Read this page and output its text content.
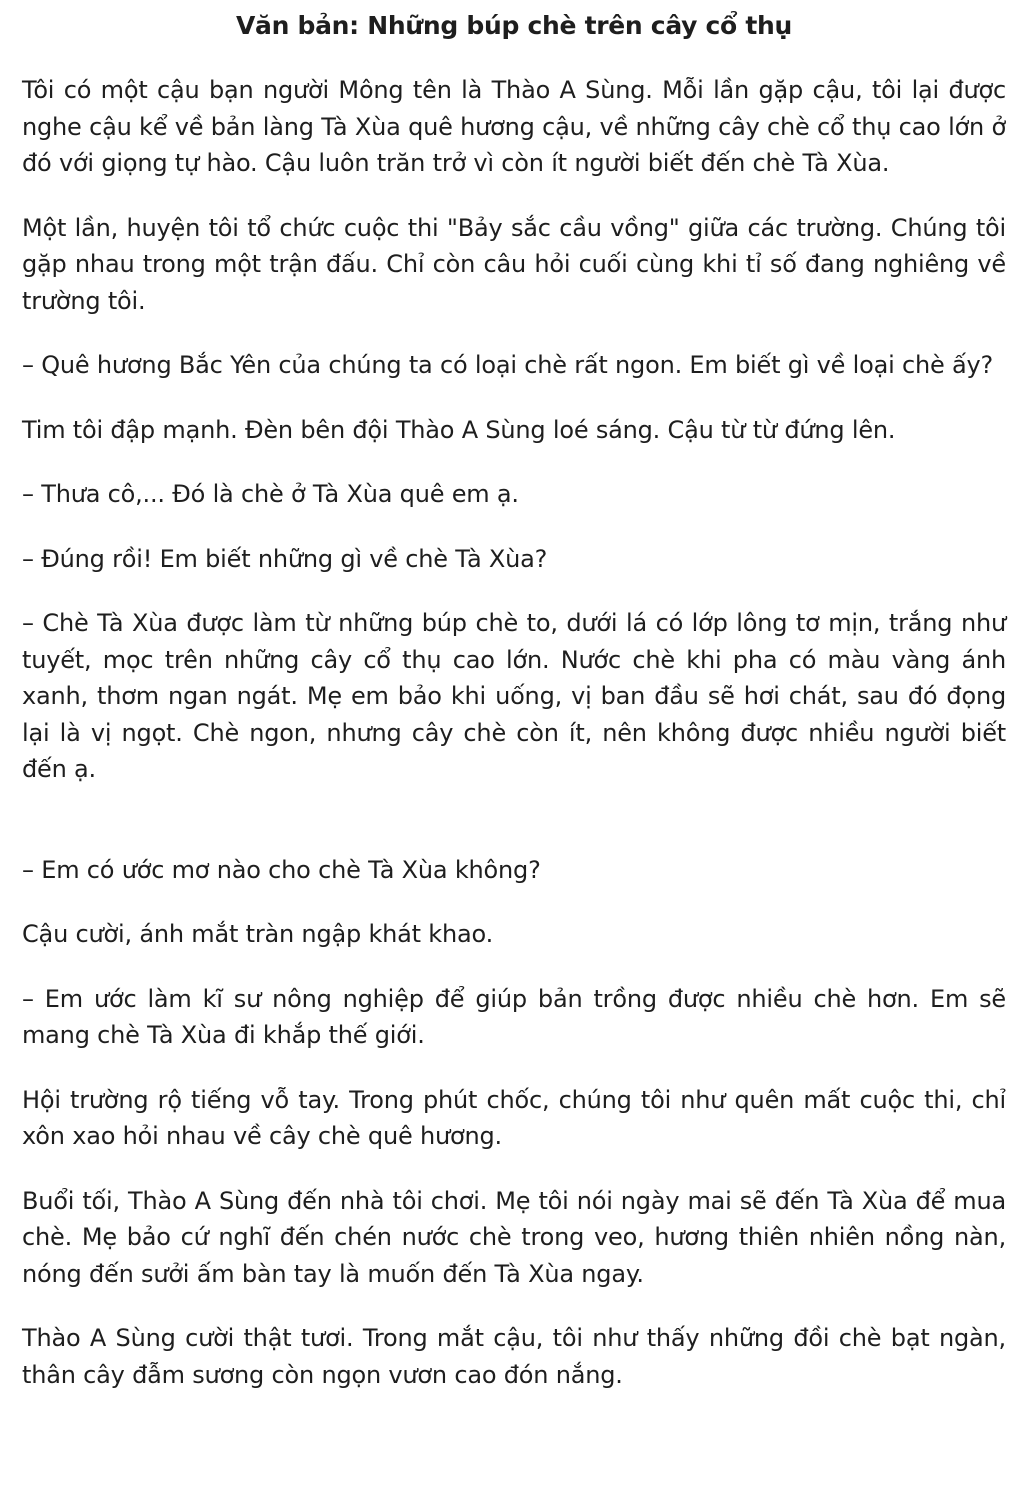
Văn bản: Những búp chè trên cây cổ thụ

Tôi có một cậu bạn người Mông tên là Thào A Sùng. Mỗi lần gặp cậu, tôi lại được nghe cậu kể về bản làng Tà Xùa quê hương cậu, về những cây chè cổ thụ cao lớn ở đó với giọng tự hào. Cậu luôn trăn trở vì còn ít người biết đến chè Tà Xùa.

Một lần, huyện tôi tổ chức cuộc thi "Bảy sắc cầu vồng" giữa các trường. Chúng tôi gặp nhau trong một trận đấu. Chỉ còn câu hỏi cuối cùng khi tỉ số đang nghiêng về trường tôi.

– Quê hương Bắc Yên của chúng ta có loại chè rất ngon. Em biết gì về loại chè ấy?

Tim tôi đập mạnh. Đèn bên đội Thào A Sùng loé sáng. Cậu từ từ đứng lên.

– Thưa cô,... Đó là chè ở Tà Xùa quê em ạ.

– Đúng rồi! Em biết những gì về chè Tà Xùa?

– Chè Tà Xùa được làm từ những búp chè to, dưới lá có lớp lông tơ mịn, trắng như tuyết, mọc trên những cây cổ thụ cao lớn. Nước chè khi pha có màu vàng ánh xanh, thơm ngan ngát. Mẹ em bảo khi uống, vị ban đầu sẽ hơi chát, sau đó đọng lại là vị ngọt. Chè ngon, nhưng cây chè còn ít, nên không được nhiều người biết đến ạ.

– Em có ước mơ nào cho chè Tà Xùa không?

Cậu cười, ánh mắt tràn ngập khát khao.

– Em ước làm kĩ sư nông nghiệp để giúp bản trồng được nhiều chè hơn. Em sẽ mang chè Tà Xùa đi khắp thế giới.

Hội trường rộ tiếng vỗ tay. Trong phút chốc, chúng tôi như quên mất cuộc thi, chỉ xôn xao hỏi nhau về cây chè quê hương.

Buổi tối, Thào A Sùng đến nhà tôi chơi. Mẹ tôi nói ngày mai sẽ đến Tà Xùa để mua chè. Mẹ bảo cứ nghĩ đến chén nước chè trong veo, hương thiên nhiên nồng nàn, nóng đến sưởi ấm bàn tay là muốn đến Tà Xùa ngay.

Thào A Sùng cười thật tươi. Trong mắt cậu, tôi như thấy những đồi chè bạt ngàn, thân cây đẫm sương còn ngọn vươn cao đón nắng.
